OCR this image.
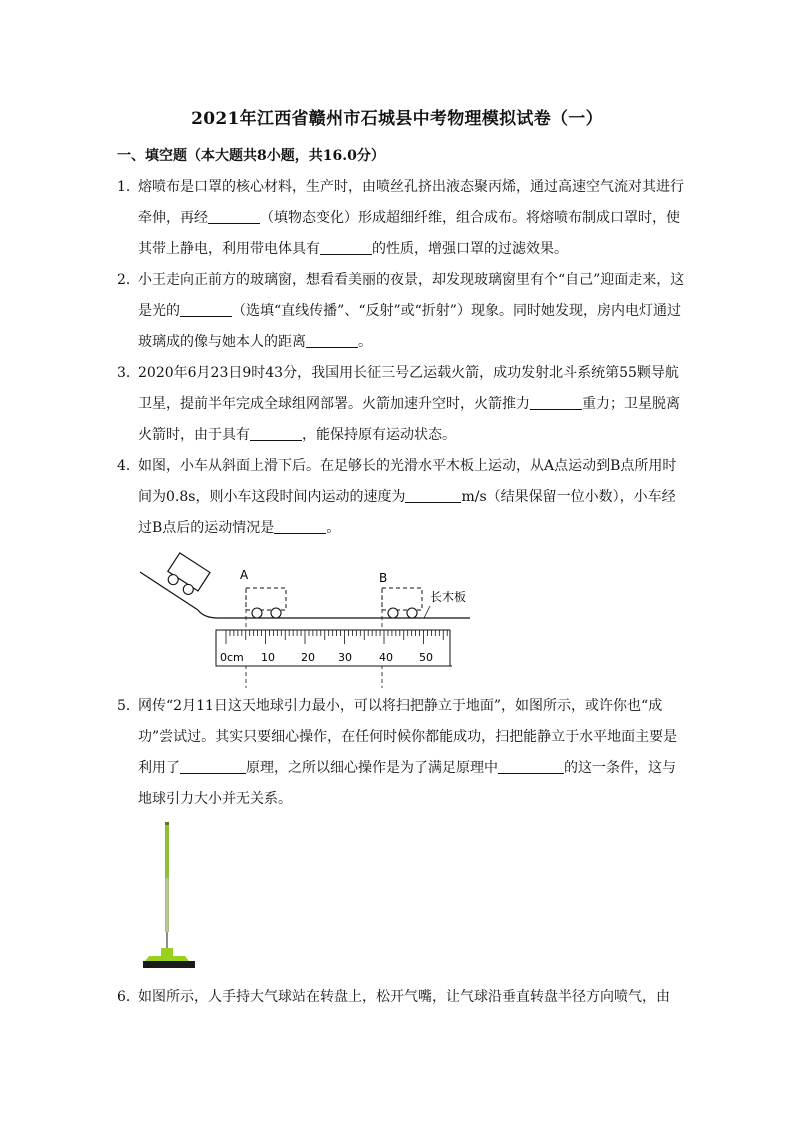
2021年江西省赣州市石城县中考物理模拟试卷（一）
一、填空题（本大题共8小题，共16.0分）
1．
熔喷布是口罩的核心材料，生产时，由喷丝孔挤出液态聚丙烯，通过高速空气流对其进行牵伸，再经	（填物态变化）形成超细纤维，组合成布。将熔喷布制成口罩时，使其带上静电，利用带电体具有	的性质，增强口罩的过滤效果。
2．
小王走向正前方的玻璃窗，想看看美丽的夜景，却发现玻璃窗里有个“自己”迎面走来，这是光的	（选填“直线传播”、“反射”或“折射”）现象。同时她发现，房内电灯通过玻璃成的像与她本人的距离	。
3．
2020年6月23日9时43分，我国用长征三号乙运载火箭，成功发射北斗系统第55颗导航卫星，提前半年完成全球组网部署。火箭加速升空时，火箭推力	重力；卫星脱离火箭时，由于具有	，能保持原有运动状态。
4．
如图，小车从斜面上滑下后。在足够长的光滑水平木板上运动，从A点运动到B点所用时间为0.8s，则小车这段时间内运动的速度为	m/s（结果保留一位小数），小车经过B点后的运动情况是	。
A	B
长木板
0cm 10 20 30 40 50
5．
网传“2月11日这天地球引力最小，可以将扫把静立于地面”，如图所示，或许你也“成功”尝试过。其实只要细心操作，在任何时候你都能成功，扫把能静立于水平地面主要是利用了	原理，之所以细心操作是为了满足原理中	的这一条件，这与地球引力大小并无关系。
6．
如图所示，人手持大气球站在转盘上，松开气嘴，让气球沿垂直转盘半径方向喷气，由
